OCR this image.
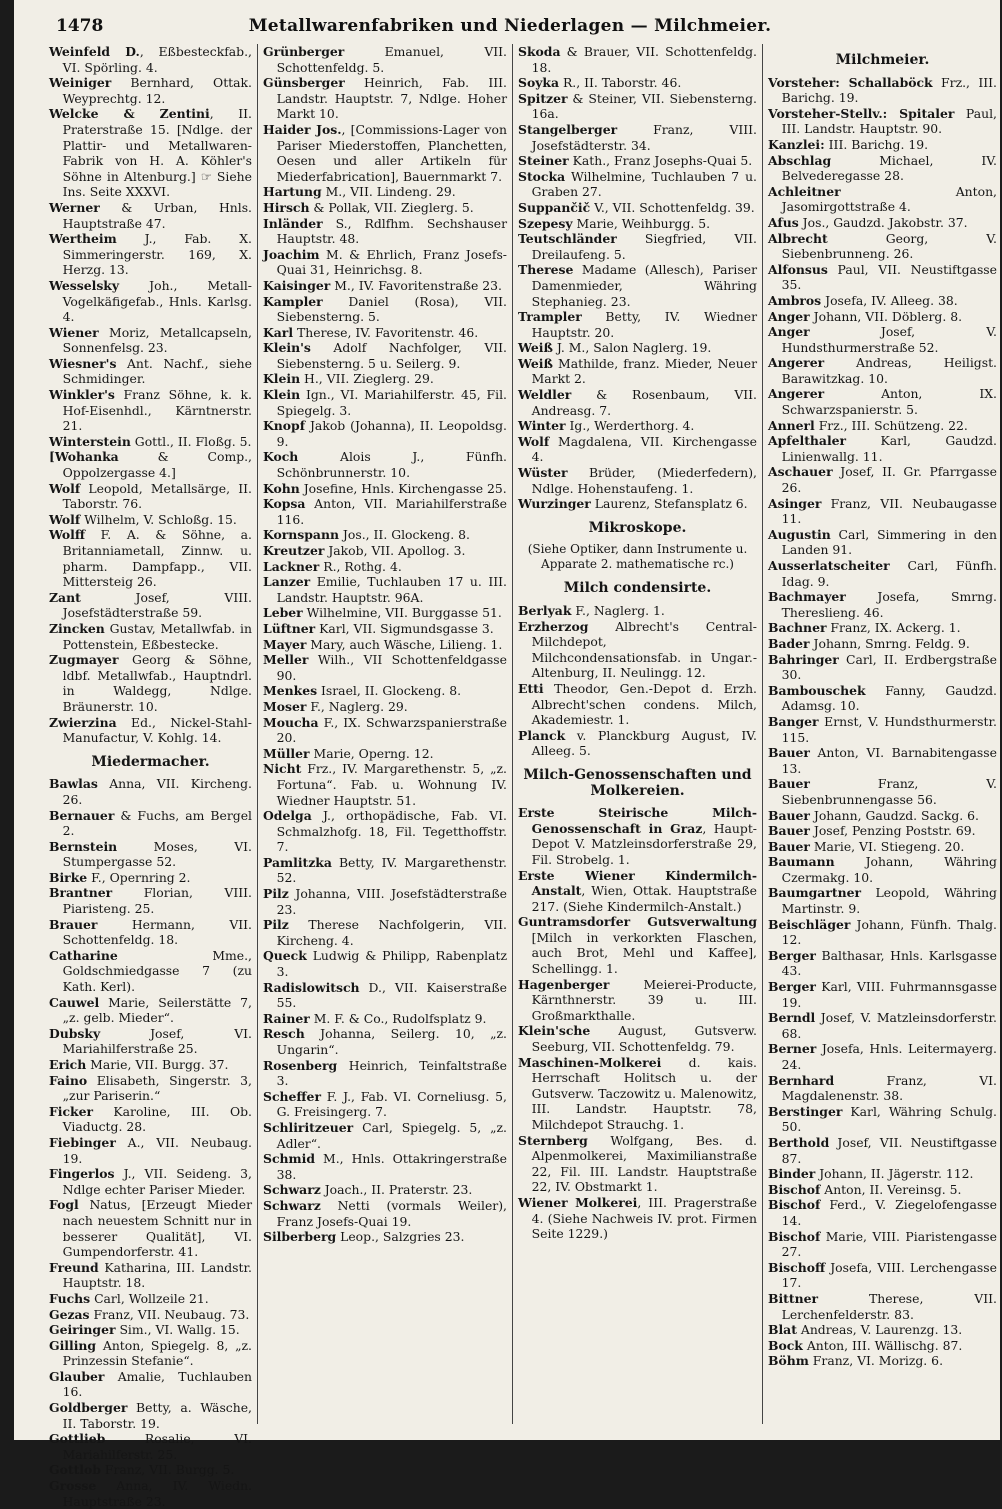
1478	Metallwarenfabriken und Niederlagen — Milchmeier.
Weinfeld D., Eßbesteckfab., VI. Spörling. 4.
Weiniger Bernhard, Ottak. Weyprechtg. 12.
Welcke & Zentini, II. Praterstraße 15. [Ndlge. der Plattir- und Metallwaren-Fabrik von H. A. Köhler's Söhne in Altenburg.] ☞ Siehe Ins. Seite XXXVI.
Werner & Urban, Hnls. Hauptstraße 47.
Wertheim J., Fab. X. Simmeringerstr. 169, X. Herzg. 13.
Wesselsky Joh., Metall-Vogelkäfigefab., Hnls. Karlsg. 4.
Wiener Moriz, Metallcapseln, Sonnenfelsg. 23.
Wiesner's Ant. Nachf., siehe Schmidinger.
Winkler's Franz Söhne, k. k. Hof-Eisenhdl., Kärntnerstr. 21.
Winterstein Gottl., II. Floßg. 5.
[Wohanka & Comp., Oppolzergasse 4.]
Wolf Leopold, Metallsärge, II. Taborstr. 76.
Wolf Wilhelm, V. Schloßg. 15.
Wolff F. A. & Söhne, a. Britanniametall, Zinnw. u. pharm. Dampfapp., VII. Mittersteig 26.
Zant Josef, VIII. Josefstädterstraße 59.
Zincken Gustav, Metallwfab. in Pottenstein, Eßbestecke.
Zugmayer Georg & Söhne, ldbf. Metallwfab., Hauptndrl. in Waldegg, Ndlge. Bräunerstr. 10.
Zwierzina Ed., Nickel-Stahl-Manufactur, V. Kohlg. 14.
Miedermacher.
Bawlas Anna, VII. Kircheng. 26.
Bernauer & Fuchs, am Bergel 2.
Bernstein Moses, VI. Stumpergasse 52.
Birke F., Opernring 2.
Brantner Florian, VIII. Piaristeng. 25.
Brauer Hermann, VII. Schottenfeldg. 18.
Catharine Mme., Goldschmiedgasse 7 (zu Kath. Kerl).
Cauwel Marie, Seilerstätte 7, „z. gelb. Mieder“.
Dubsky Josef, VI. Mariahilferstraße 25.
Erich Marie, VII. Burgg. 37.
Faino Elisabeth, Singerstr. 3, „zur Pariserin.“
Ficker Karoline, III. Ob. Viaductg. 28.
Fiebinger A., VII. Neubaug. 19.
Fingerlos J., VII. Seideng. 3, Ndlge echter Pariser Mieder.
Fogl Natus, [Erzeugt Mieder nach neuestem Schnitt nur in besserer Qualität], VI. Gumpendorferstr. 41.
Freund Katharina, III. Landstr. Hauptstr. 18.
Fuchs Carl, Wollzeile 21.
Gezas Franz, VII. Neubaug. 73.
Geiringer Sim., VI. Wallg. 15.
Gilling Anton, Spiegelg. 8, „z. Prinzessin Stefanie“.
Glauber Amalie, Tuchlauben 16.
Goldberger Betty, a. Wäsche, II. Taborstr. 19.
Gottlieb Rosalie, VI. Mariahilferstr. 25.
Gottlob Franz, VII. Burgg. 5.
Grosse Anna, IV. Wiedn. Hauptstraße 23.
Grünberger Emanuel, VII. Schottenfeldg. 5.
Günsberger Heinrich, Fab. III. Landstr. Hauptstr. 7, Ndlge. Hoher Markt 10.
Haider Jos., [Commissions-Lager von Pariser Miederstoffen, Planchetten, Oesen und aller Artikeln für Miederfabrication], Bauernmarkt 7.
Hartung M., VII. Lindeng. 29.
Hirsch & Pollak, VII. Zieglerg. 5.
Inländer S., Rdlfhm. Sechshauser Hauptstr. 48.
Joachim M. & Ehrlich, Franz Josefs-Quai 31, Heinrichsg. 8.
Kaisinger M., IV. Favoritenstraße 23.
Kampler Daniel (Rosa), VII. Siebensterng. 5.
Karl Therese, IV. Favoritenstr. 46.
Klein's Adolf Nachfolger, VII. Siebensterng. 5 u. Seilerg. 9.
Klein H., VII. Zieglerg. 29.
Klein Ign., VI. Mariahilferstr. 45, Fil. Spiegelg. 3.
Knopf Jakob (Johanna), II. Leopoldsg. 9.
Koch Alois J., Fünfh. Schönbrunnerstr. 10.
Kohn Josefine, Hnls. Kirchengasse 25.
Kopsa Anton, VII. Mariahilferstraße 116.
Kornspann Jos., II. Glockeng. 8.
Kreutzer Jakob, VII. Apollog. 3.
Lackner R., Rothg. 4.
Lanzer Emilie, Tuchlauben 17 u. III. Landstr. Hauptstr. 96A.
Leber Wilhelmine, VII. Burggasse 51.
Lüftner Karl, VII. Sigmundsgasse 3.
Mayer Mary, auch Wäsche, Lilieng. 1.
Meller Wilh., VII Schottenfeldgasse 90.
Menkes Israel, II. Glockeng. 8.
Moser F., Naglerg. 29.
Moucha F., IX. Schwarzspanierstraße 20.
Müller Marie, Operng. 12.
Nicht Frz., IV. Margarethenstr. 5, „z. Fortuna“. Fab. u. Wohnung IV. Wiedner Hauptstr. 51.
Odelga J., orthopädische, Fab. VI. Schmalzhofg. 18, Fil. Tegetthoffstr. 7.
Pamlitzka Betty, IV. Margarethenstr. 52.
Pilz Johanna, VIII. Josefstädterstraße 23.
Pilz Therese Nachfolgerin, VII. Kircheng. 4.
Queck Ludwig & Philipp, Rabenplatz 3.
Radislowitsch D., VII. Kaiserstraße 55.
Rainer M. F. & Co., Rudolfsplatz 9.
Resch Johanna, Seilerg. 10, „z. Ungarin“.
Rosenberg Heinrich, Teinfaltstraße 3.
Scheffer F. J., Fab. VI. Corneliusg. 5, G. Freisingerg. 7.
Schliritzeuer Carl, Spiegelg. 5, „z. Adler“.
Schmid M., Hnls. Ottakringerstraße 38.
Schwarz Joach., II. Praterstr. 23.
Schwarz Netti (vormals Weiler), Franz Josefs-Quai 19.
Silberberg Leop., Salzgries 23.
Skoda & Brauer, VII. Schottenfeldg. 18.
Soyka R., II. Taborstr. 46.
Spitzer & Steiner, VII. Siebensterng. 16a.
Stangelberger Franz, VIII. Josefstädterstr. 34.
Steiner Kath., Franz Josephs-Quai 5.
Stocka Wilhelmine, Tuchlauben 7 u. Graben 27.
Suppančič V., VII. Schottenfeldg. 39.
Szepesy Marie, Weihburgg. 5.
Teutschländer Siegfried, VII. Dreilaufeng. 5.
Therese Madame (Allesch), Pariser Damenmieder, Währing Stephanieg. 23.
Trampler Betty, IV. Wiedner Hauptstr. 20.
Weiß J. M., Salon Naglerg. 19.
Weiß Mathilde, franz. Mieder, Neuer Markt 2.
Weldler & Rosenbaum, VII. Andreasg. 7.
Winter Ig., Werderthorg. 4.
Wolf Magdalena, VII. Kirchengasse 4.
Wüster Brüder, (Miederfedern), Ndlge. Hohenstaufeng. 1.
Wurzinger Laurenz, Stefansplatz 6.
Mikroskope.
(Siehe Optiker, dann Instrumente u. Apparate 2. mathematische rc.)
Milch condensirte.
Berlyak F., Naglerg. 1.
Erzherzog Albrecht's Central-Milchdepot, Milchcondensationsfab. in Ungar.-Altenburg, II. Neulingg. 12.
Etti Theodor, Gen.-Depot d. Erzh. Albrecht'schen condens. Milch, Akademiestr. 1.
Planck v. Planckburg August, IV. Alleeg. 5.
Milch-Genossenschaften und Molkereien.
Erste Steirische Milch-Genossenschaft in Graz, Haupt-Depot V. Matzleinsdorferstraße 29, Fil. Strobelg. 1.
Erste Wiener Kindermilch-Anstalt, Wien, Ottak. Hauptstraße 217. (Siehe Kindermilch-Anstalt.)
Guntramsdorfer Gutsverwaltung [Milch in verkorkten Flaschen, auch Brot, Mehl und Kaffee], Schellingg. 1.
Hagenberger Meierei-Producte, Kärnthnerstr. 39 u. III. Großmarkthalle.
Klein'sche August, Gutsverw. Seeburg, VII. Schottenfeldg. 79.
Maschinen-Molkerei d. kais. Herrschaft Holitsch u. der Gutsverw. Taczowitz u. Malenowitz, III. Landstr. Hauptstr. 78, Milchdepot Strauchg. 1.
Sternberg Wolfgang, Bes. d. Alpenmolkerei, Maximilianstraße 22, Fil. III. Landstr. Hauptstraße 22, IV. Obstmarkt 1.
Wiener Molkerei, III. Pragerstraße 4. (Siehe Nachweis IV. prot. Firmen Seite 1229.)
Milchmeier.
Vorsteher: Schallaböck Frz., III. Barichg. 19.
Vorsteher-Stellv.: Spitaler Paul, III. Landstr. Hauptstr. 90.
Kanzlei: III. Barichg. 19.
Abschlag Michael, IV. Belvederegasse 28.
Achleitner Anton, Jasomirgottstraße 4.
Afus Jos., Gaudzd. Jakobstr. 37.
Albrecht Georg, V. Siebenbrunneng. 26.
Alfonsus Paul, VII. Neustiftgasse 35.
Ambros Josefa, IV. Alleeg. 38.
Anger Johann, VII. Döblerg. 8.
Anger Josef, V. Hundsthurmerstraße 52.
Angerer Andreas, Heiligst. Barawitzkag. 10.
Angerer Anton, IX. Schwarzspanierstr. 5.
Annerl Frz., III. Schützeng. 22.
Apfelthaler Karl, Gaudzd. Linienwallg. 11.
Aschauer Josef, II. Gr. Pfarrgasse 26.
Asinger Franz, VII. Neubaugasse 11.
Augustin Carl, Simmering in den Landen 91.
Ausserlatscheiter Carl, Fünfh. Idag. 9.
Bachmayer Josefa, Smrng. Thereslieng. 46.
Bachner Franz, IX. Ackerg. 1.
Bader Johann, Smrng. Feldg. 9.
Bahringer Carl, II. Erdbergstraße 30.
Bambouschek Fanny, Gaudzd. Adamsg. 10.
Banger Ernst, V. Hundsthurmerstr. 115.
Bauer Anton, VI. Barnabitengasse 13.
Bauer Franz, V. Siebenbrunnengasse 56.
Bauer Johann, Gaudzd. Sackg. 6.
Bauer Josef, Penzing Poststr. 69.
Bauer Marie, VI. Stiegeng. 20.
Baumann Johann, Währing Czermakg. 10.
Baumgartner Leopold, Währing Martinstr. 9.
Beischläger Johann, Fünfh. Thalg. 12.
Berger Balthasar, Hnls. Karlsgasse 43.
Berger Karl, VIII. Fuhrmannsgasse 19.
Berndl Josef, V. Matzleinsdorferstr. 68.
Berner Josefa, Hnls. Leitermayerg. 24.
Bernhard Franz, VI. Magdalenenstr. 38.
Berstinger Karl, Währing Schulg. 50.
Berthold Josef, VII. Neustiftgasse 87.
Binder Johann, II. Jägerstr. 112.
Bischof Anton, II. Vereinsg. 5.
Bischof Ferd., V. Ziegelofengasse 14.
Bischof Marie, VIII. Piaristengasse 27.
Bischoff Josefa, VIII. Lerchengasse 17.
Bittner Therese, VII. Lerchenfelderstr. 83.
Blat Andreas, V. Laurenzg. 13.
Bock Anton, III. Wällischg. 87.
Böhm Franz, VI. Morizg. 6.
